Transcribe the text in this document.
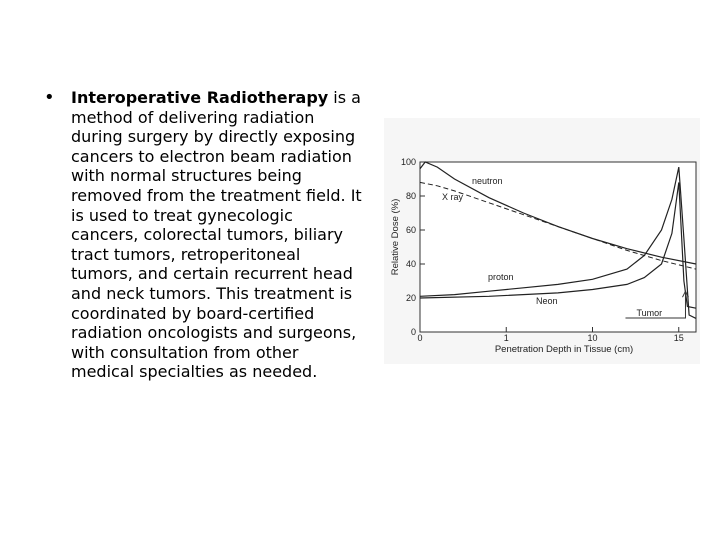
• Interoperative Radiotherapy is a method of delivering radiation during surgery by directly exposing cancers to electron beam radiation with normal structures being removed from the treatment field. It is used to treat gynecologic cancers, colorectal tumors, biliary tract tumors, retroperitoneal tumors, and certain recurrent head and neck tumors. This treatment is coordinated by board-certified radiation oncologists and surgeons, with consultation from other medical specialties as needed.
0
20
40
60
80
100
0	1	10	15
neutron
X ray
proton
Neon
Tumor
Penetration Depth in Tissue (cm)
Relative Dose (%)
